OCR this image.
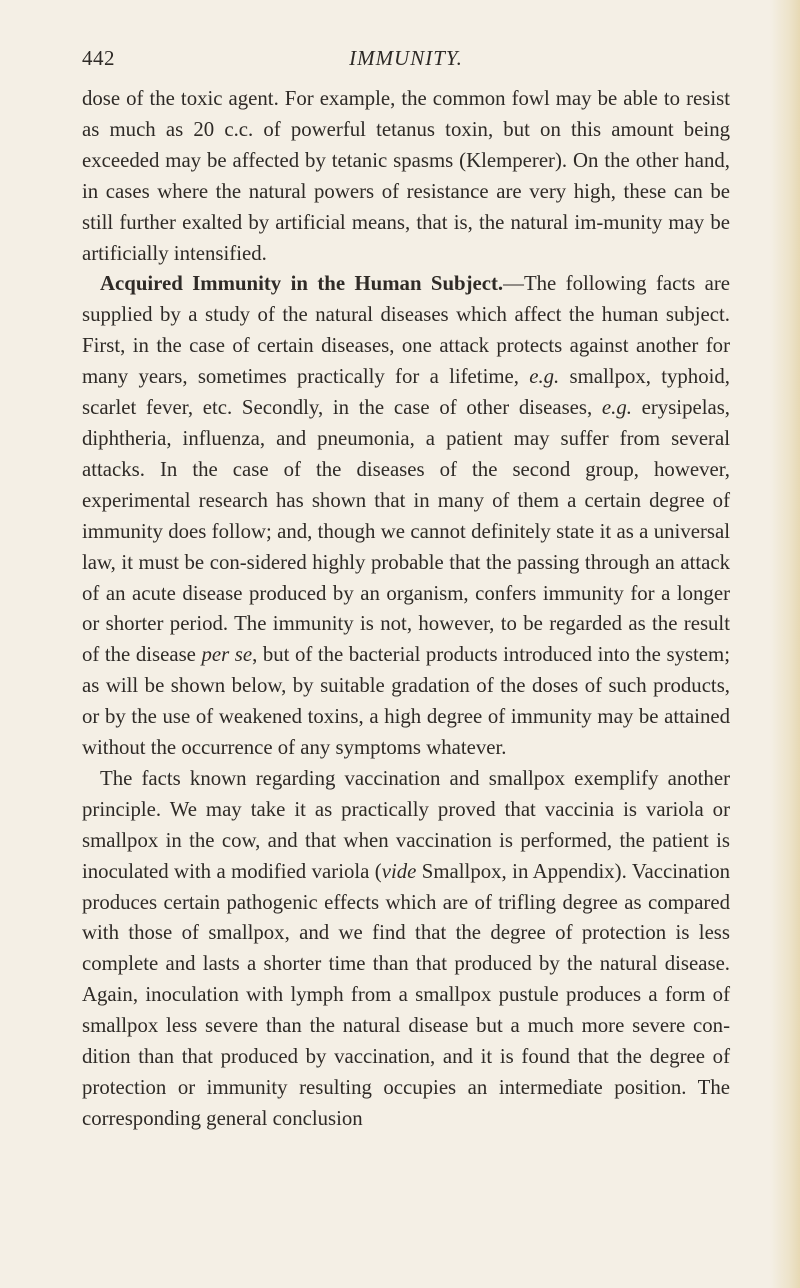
442	IMMUNITY.

dose of the toxic agent. For example, the common fowl may be able to resist as much as 20 c.c. of powerful tetanus toxin, but on this amount being exceeded may be affected by tetanic spasms (Klemperer). On the other hand, in cases where the natural powers of resistance are very high, these can be still further exalted by artificial means, that is, the natural im-munity may be artificially intensified.

Acquired Immunity in the Human Subject.—The following facts are supplied by a study of the natural diseases which affect the human subject. First, in the case of certain diseases, one attack protects against another for many years, sometimes practically for a lifetime, e.g. smallpox, typhoid, scarlet fever, etc. Secondly, in the case of other diseases, e.g. erysipelas, diphtheria, influenza, and pneumonia, a patient may suffer from several attacks. In the case of the diseases of the second group, however, experimental research has shown that in many of them a certain degree of immunity does follow; and, though we cannot definitely state it as a universal law, it must be con-sidered highly probable that the passing through an attack of an acute disease produced by an organism, confers immunity for a longer or shorter period. The immunity is not, however, to be regarded as the result of the disease per se, but of the bacterial products introduced into the system; as will be shown below, by suitable gradation of the doses of such products, or by the use of weakened toxins, a high degree of immunity may be attained without the occurrence of any symptoms whatever.

The facts known regarding vaccination and smallpox exemplify another principle. We may take it as practically proved that vaccinia is variola or smallpox in the cow, and that when vaccination is performed, the patient is inoculated with a modified variola (vide Smallpox, in Appendix). Vaccination produces certain pathogenic effects which are of trifling degree as compared with those of smallpox, and we find that the degree of protection is less complete and lasts a shorter time than that produced by the natural disease. Again, inoculation with lymph from a smallpox pustule produces a form of smallpox less severe than the natural disease but a much more severe con-dition than that produced by vaccination, and it is found that the degree of protection or immunity resulting occupies an intermediate position. The corresponding general conclusion
